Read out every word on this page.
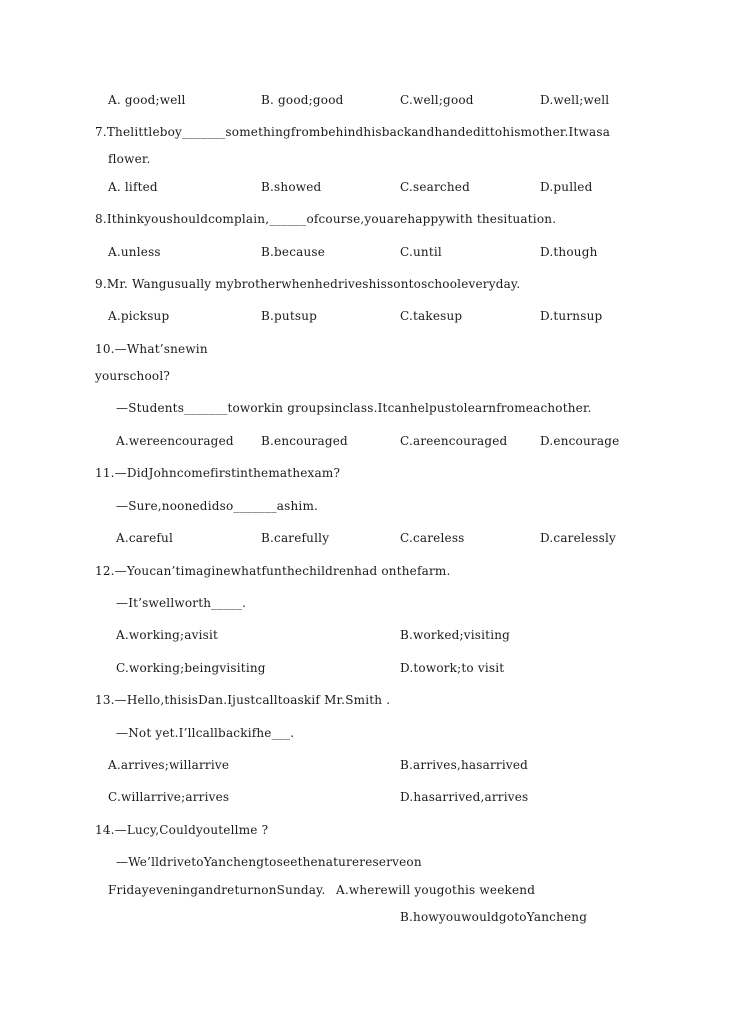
A. good;well	B. good;good	C.well;good	D.well;well
7.Thelittleboy_______somethingfrombehindhisbackandhandedittohismother.Itwasa
flower.
A. lifted	B.showed	C.searched	D.pulled
8.Ithinkyoushouldcomplain,______ofcourse,youarehappywith thesituation.
A.unless	B.because	C.until	D.though
9.Mr. Wangusually mybrotherwhenhedriveshissontoschooleveryday.
A.picksup	B.putsup	C.takesup	D.turnsup
10.—What’snewin
yourschool?
—Students_______toworkin groupsinclass.Itcanhelpustolearnfromeachother.
A.wereencouraged B.encouraged	C.areencouraged	D.encourage
11.—DidJohncomefirstinthemathexam?
—Sure,noonedidso_______ashim.
A.careful	B.carefully	C.careless	D.carelessly
12.—Youcan’timaginewhatfunthechildrenhad onthefarm.
—It’swellworth_____.
A.working;avisit	B.worked;visiting
C.working;beingvisiting	D.towork;to visit
13.—Hello,thisisDan.Ijustcalltoaskif Mr.Smith .
—Not yet.I’llcallbackifhe___.
A.arrives;willarrive	B.arrives,hasarrived
C.willarrive;arrives	D.hasarrived,arrives
14.—Lucy,Couldyoutellme ?
—We’lldrivetoYanchengtoseethenaturereserveon
FridayeveningandreturnonSunday. A.wherewill yougothis weekend
B.howyouwouldgotoYancheng
